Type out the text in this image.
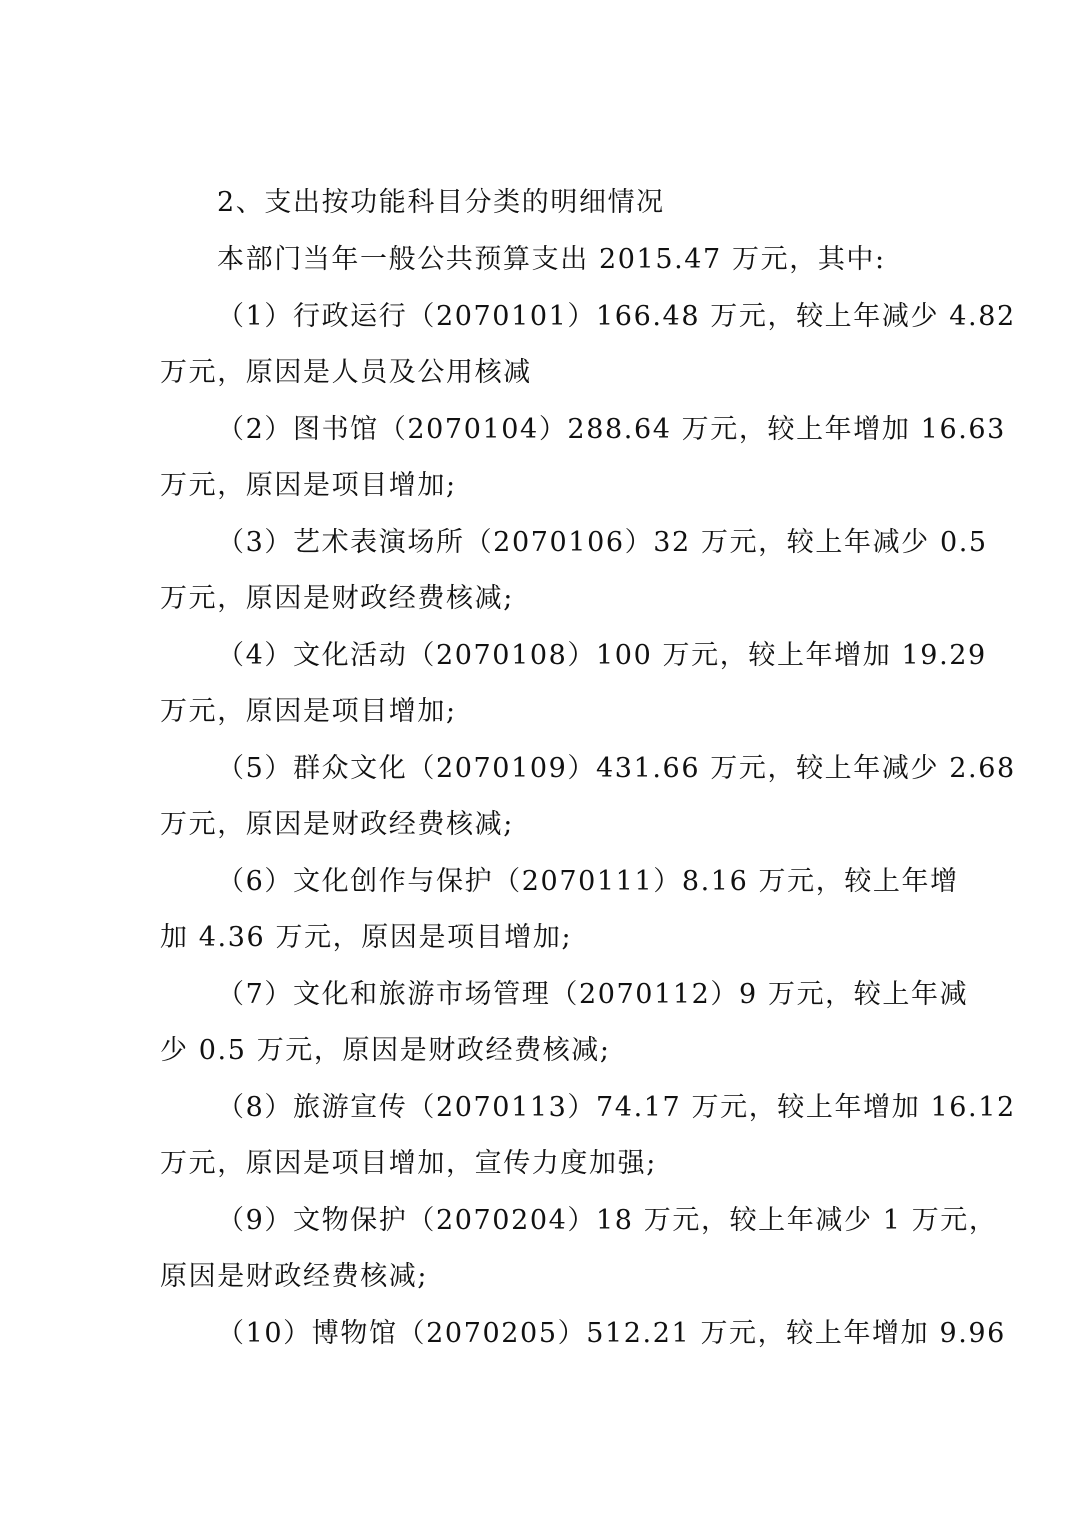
2、支出按功能科目分类的明细情况
本部门当年一般公共预算支出 2015.47 万元，其中:
（1）行政运行（2070101）166.48 万元，较上年减少 4.82
万元，原因是人员及公用核减
（2）图书馆（2070104）288.64 万元，较上年增加 16.63
万元，原因是项目增加;
（3）艺术表演场所（2070106）32 万元，较上年减少 0.5
万元，原因是财政经费核减;
（4）文化活动（2070108）100 万元，较上年增加 19.29
万元，原因是项目增加;
（5）群众文化（2070109）431.66 万元，较上年减少 2.68
万元，原因是财政经费核减;
（6）文化创作与保护（2070111）8.16 万元，较上年增
加 4.36 万元，原因是项目增加;
（7）文化和旅游市场管理（2070112）9 万元，较上年减
少 0.5 万元，原因是财政经费核减;
（8）旅游宣传（2070113）74.17 万元，较上年增加 16.12
万元，原因是项目增加，宣传力度加强;
（9）文物保护（2070204）18 万元，较上年减少 1 万元，
原因是财政经费核减;
（10）博物馆（2070205）512.21 万元，较上年增加 9.96
